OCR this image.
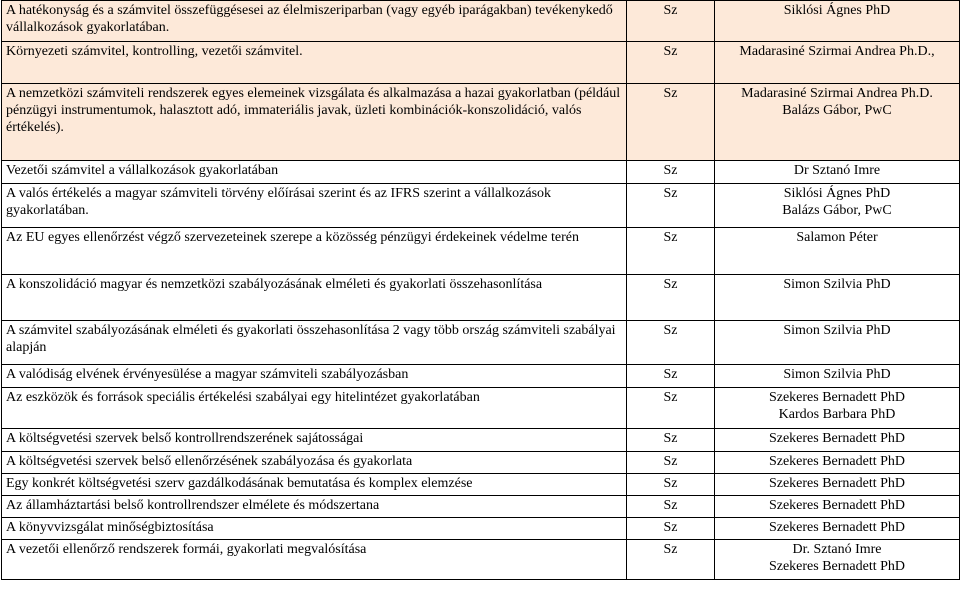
A hatékonyság és a számvitel összefüggésesei az élelmiszeriparban (vagy egyéb iparágakban) tevékenykedő vállalkozások gyakorlatában.	Sz	Siklósi Ágnes PhD

Környezeti számvitel, kontrolling, vezetői számvitel.	Sz	Madarasiné Szirmai Andrea Ph.D.,

A nemzetközi számviteli rendszerek egyes elemeinek vizsgálata és alkalmazása a hazai gyakorlatban (például pénzügyi instrumentumok, halasztott adó, immateriális javak, üzleti kombinációk-konszolidáció, valós értékelés).	Sz	Madarasiné Szirmai Andrea Ph.D.
Balázs Gábor, PwC

Vezetői számvitel a vállalkozások gyakorlatában	Sz	Dr Sztanó Imre

A valós értékelés a magyar számviteli törvény előírásai szerint és az IFRS szerint a vállalkozások gyakorlatában.	Sz	Siklósi Ágnes PhD
Balázs Gábor, PwC

Az EU egyes ellenőrzést végző szervezeteinek szerepe a közösség pénzügyi érdekeinek védelme terén	Sz	Salamon Péter

A konszolidáció magyar és nemzetközi szabályozásának elméleti és gyakorlati összehasonlítása	Sz	Simon Szilvia PhD

A számvitel szabályozásának elméleti és gyakorlati összehasonlítása 2 vagy több ország számviteli szabályai alapján	Sz	Simon Szilvia PhD

A valódiság elvének érvényesülése a magyar számviteli szabályozásban	Sz	Simon Szilvia PhD

Az eszközök és források speciális értékelési szabályai egy hitelintézet gyakorlatában	Sz	Szekeres Bernadett PhD
Kardos Barbara PhD

A költségvetési szervek belső kontrollrendszerének sajátosságai	Sz	Szekeres Bernadett PhD

A költségvetési szervek belső ellenőrzésének szabályozása és gyakorlata	Sz	Szekeres Bernadett PhD

Egy konkrét költségvetési szerv gazdálkodásának bemutatása és komplex elemzése	Sz	Szekeres Bernadett PhD

Az államháztartási belső kontrollrendszer elmélete és módszertana	Sz	Szekeres Bernadett PhD

A könyvvizsgálat minőségbiztosítása	Sz	Szekeres Bernadett PhD

A vezetői ellenőrző rendszerek formái, gyakorlati megvalósítása	Sz	Dr. Sztanó Imre
Szekeres Bernadett PhD
